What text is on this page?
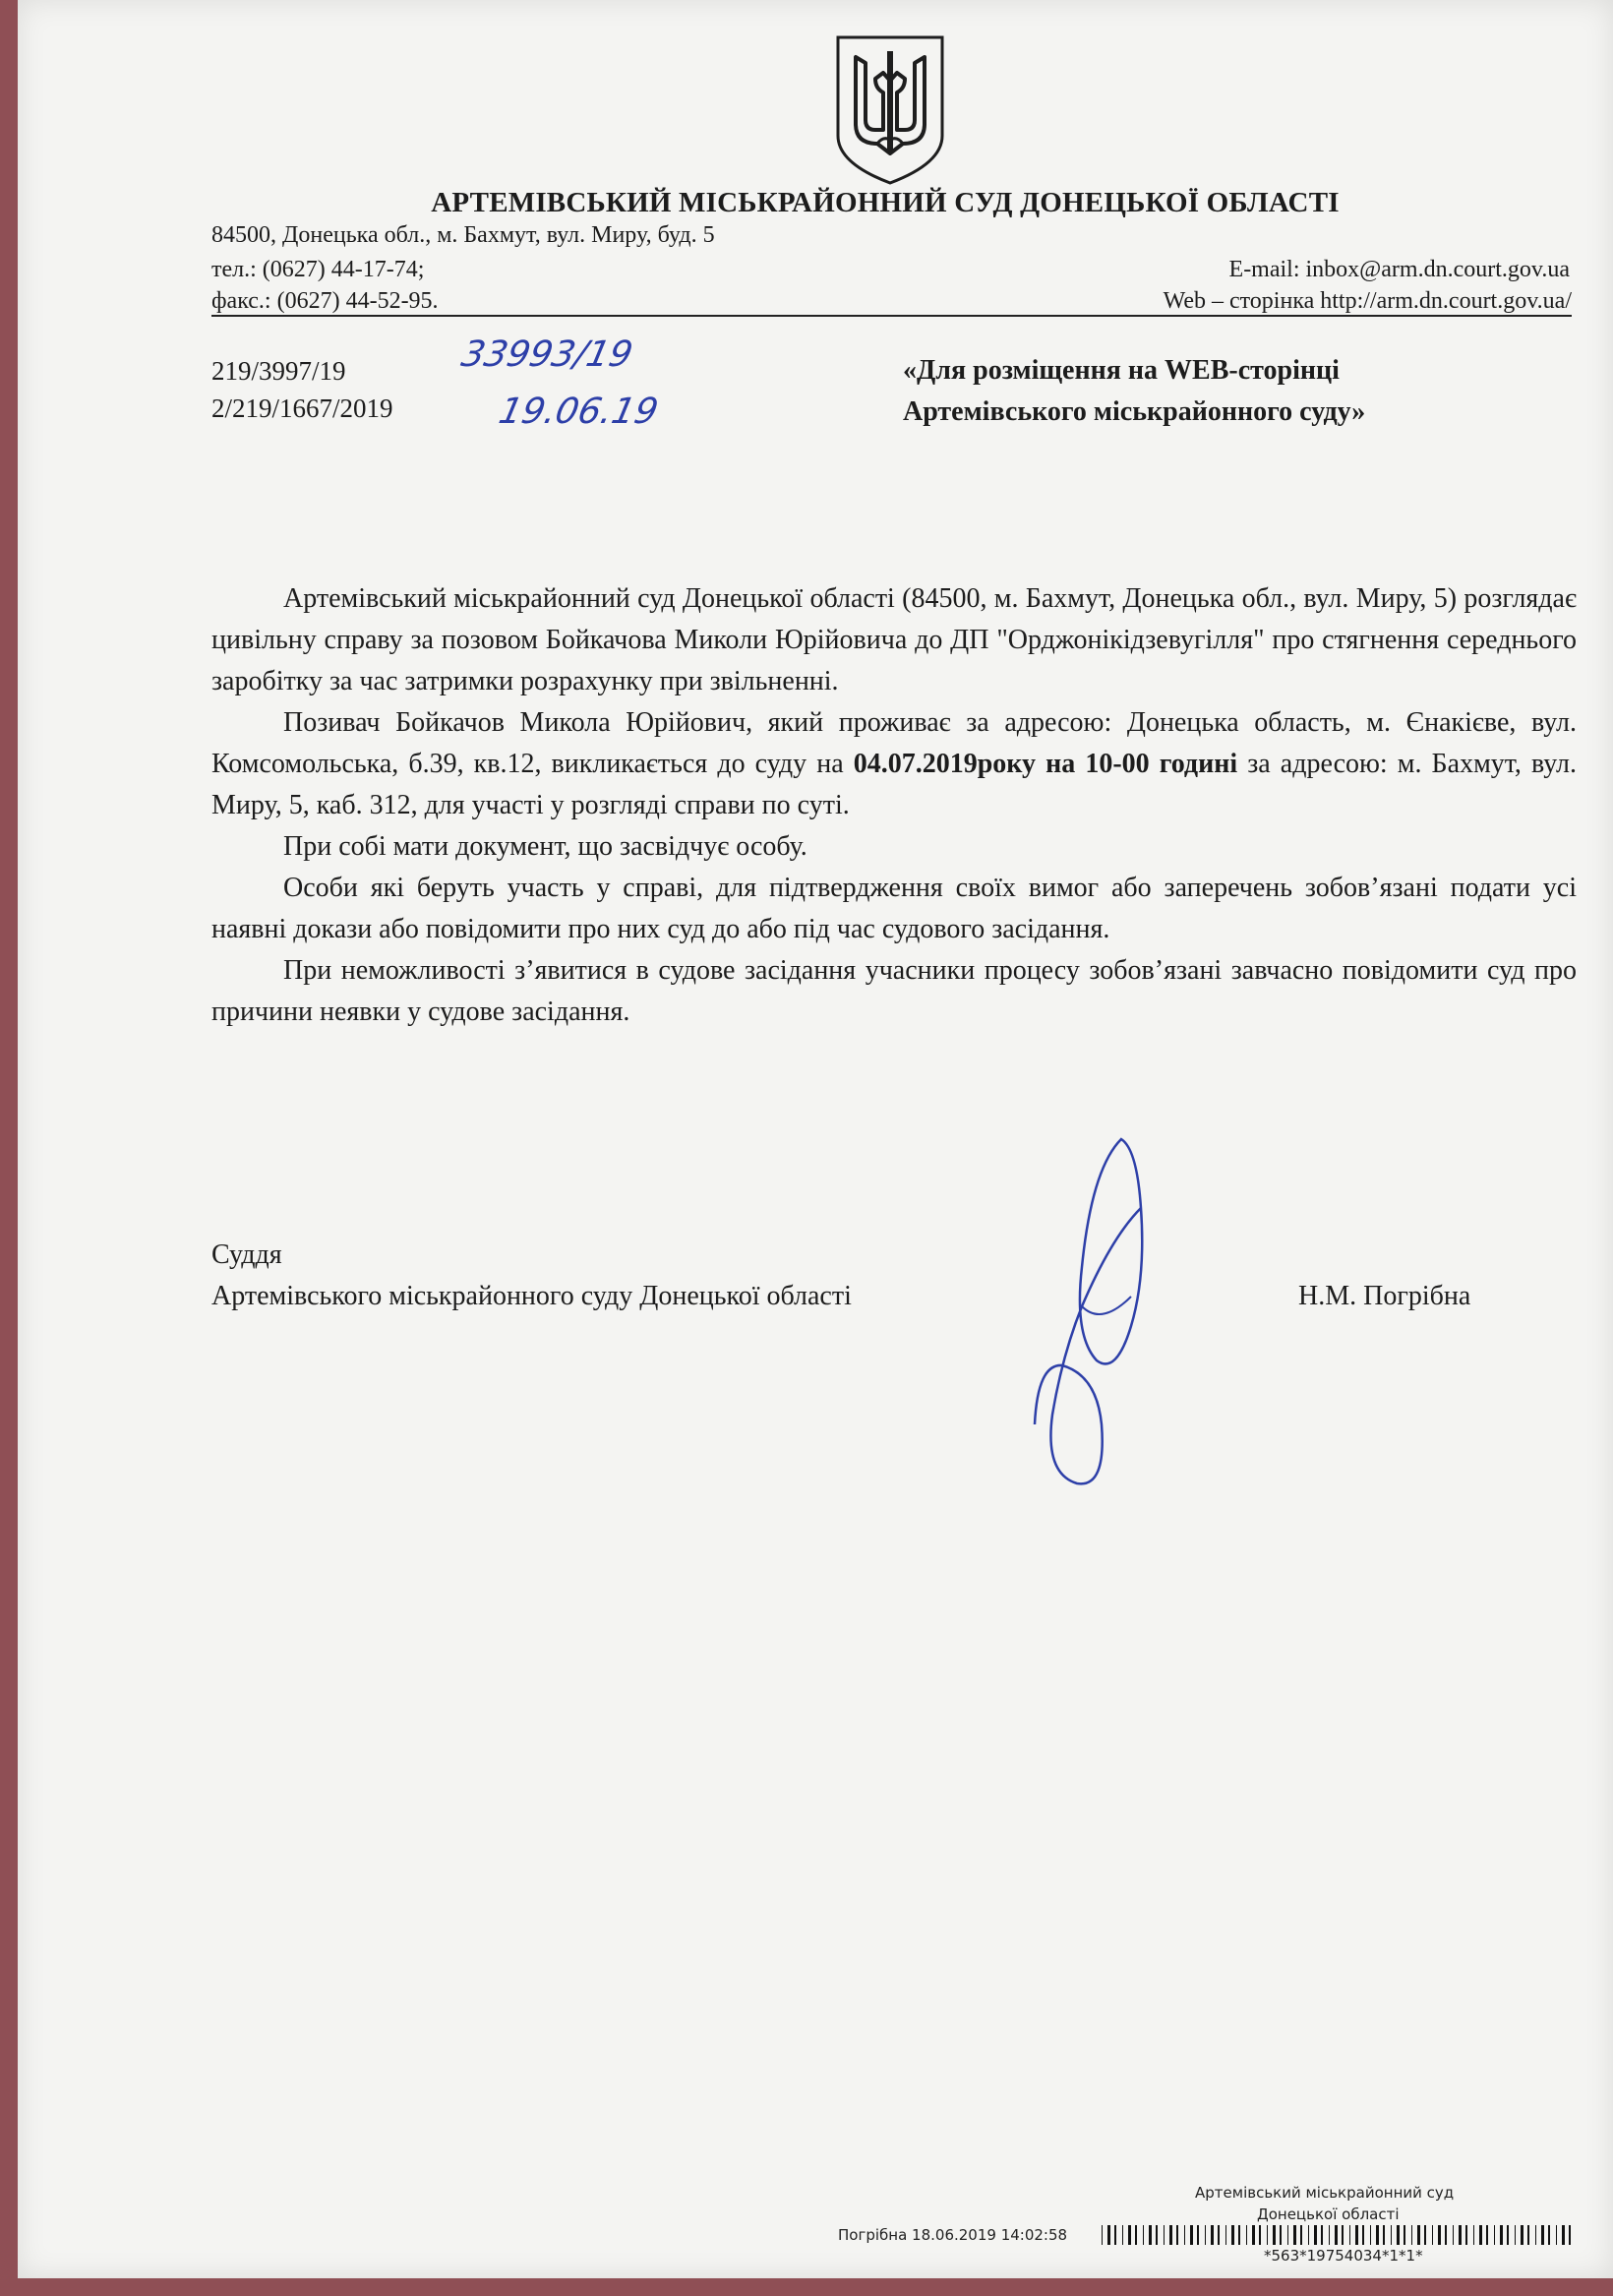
АРТЕМІВСЬКИЙ МІСЬКРАЙОННИЙ СУД ДОНЕЦЬКОЇ ОБЛАСТІ
84500, Донецька обл., м. Бахмут, вул. Миру, буд. 5
тел.: (0627) 44-17-74;
факс.: (0627) 44-52-95.
E-mail: inbox@arm.dn.court.gov.ua
Web – сторінка http://arm.dn.court.gov.ua/
219/3997/19
2/219/1667/2019
33993/19
19.06.19
«Для розміщення на WEB-сторінці
Артемівського міськрайонного суду»

Артемівський міськрайонний суд Донецької області (84500, м. Бахмут, Донецька обл., вул. Миру, 5) розглядає цивільну справу за позовом Бойкачова Миколи Юрійовича до ДП "Орджонікідзевугілля" про стягнення середнього заробітку за час затримки розрахунку при звільненні.

Позивач Бойкачов Микола Юрійович, який проживає за адресою: Донецька область, м. Єнакієве, вул. Комсомольська, б.39, кв.12, викликається до суду на 04.07.2019року на 10-00 годині за адресою: м. Бахмут, вул. Миру, 5, каб. 312, для участі у розгляді справи по суті.

При собі мати документ, що засвідчує особу.

Особи які беруть участь у справі, для підтвердження своїх вимог або заперечень зобов’язані подати усі наявні докази або повідомити про них суд до або під час судового засідання.

При неможливості з’явитися в судове засідання учасники процесу зобов’язані завчасно повідомити суд про причини неявки у судове засідання.

Суддя
Артемівського міськрайонного суду Донецької області	Н.М. Погрібна
Артемівський міськрайонний суд
Донецької області
Погрібна 18.06.2019 14:02:58
*563*19754034*1*1*
